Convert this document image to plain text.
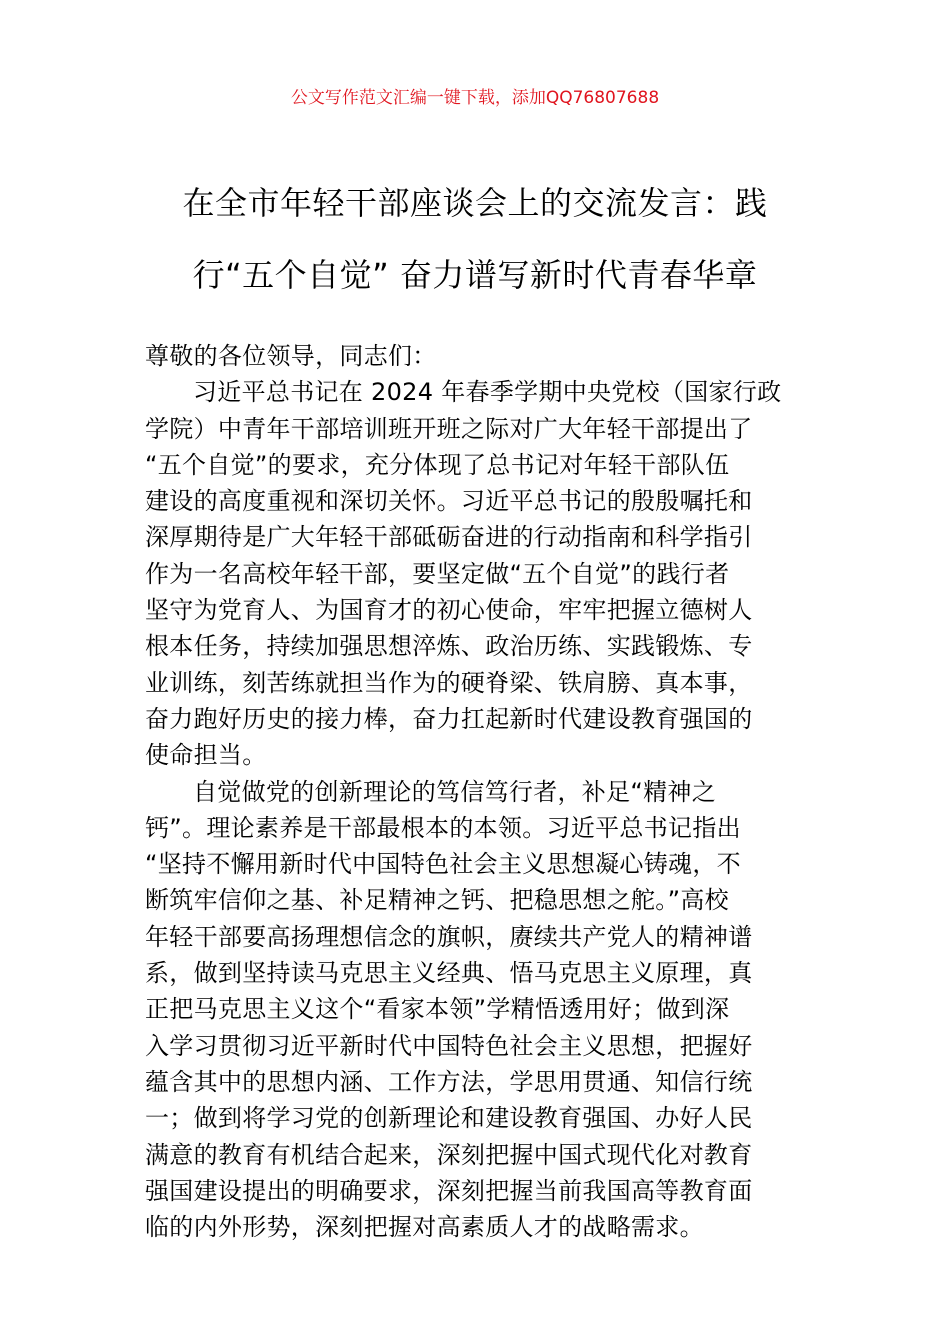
公文写作范文汇编一键下载，添加QQ76807688
在全市年轻干部座谈会上的交流发言：践
行“五个自觉” 奋力谱写新时代青春华章
尊敬的各位领导，同志们：
习近平总书记在 2024 年春季学期中央党校（国家行政
学院）中青年干部培训班开班之际对广大年轻干部提出了
“五个自觉”的要求，充分体现了总书记对年轻干部队伍
建设的高度重视和深切关怀。习近平总书记的殷殷嘱托和
深厚期待是广大年轻干部砥砺奋进的行动指南和科学指引
作为一名高校年轻干部，要坚定做“五个自觉”的践行者
坚守为党育人、为国育才的初心使命，牢牢把握立德树人
根本任务，持续加强思想淬炼、政治历练、实践锻炼、专
业训练，刻苦练就担当作为的硬脊梁、铁肩膀、真本事，
奋力跑好历史的接力棒，奋力扛起新时代建设教育强国的
使命担当。
自觉做党的创新理论的笃信笃行者，补足“精神之
钙”。理论素养是干部最根本的本领。习近平总书记指出
“坚持不懈用新时代中国特色社会主义思想凝心铸魂，不
断筑牢信仰之基、补足精神之钙、把稳思想之舵。”高校
年轻干部要高扬理想信念的旗帜，赓续共产党人的精神谱
系，做到坚持读马克思主义经典、悟马克思主义原理，真
正把马克思主义这个“看家本领”学精悟透用好；做到深
入学习贯彻习近平新时代中国特色社会主义思想，把握好
蕴含其中的思想内涵、工作方法，学思用贯通、知信行统
一；做到将学习党的创新理论和建设教育强国、办好人民
满意的教育有机结合起来，深刻把握中国式现代化对教育
强国建设提出的明确要求，深刻把握当前我国高等教育面
临的内外形势，深刻把握对高素质人才的战略需求。
